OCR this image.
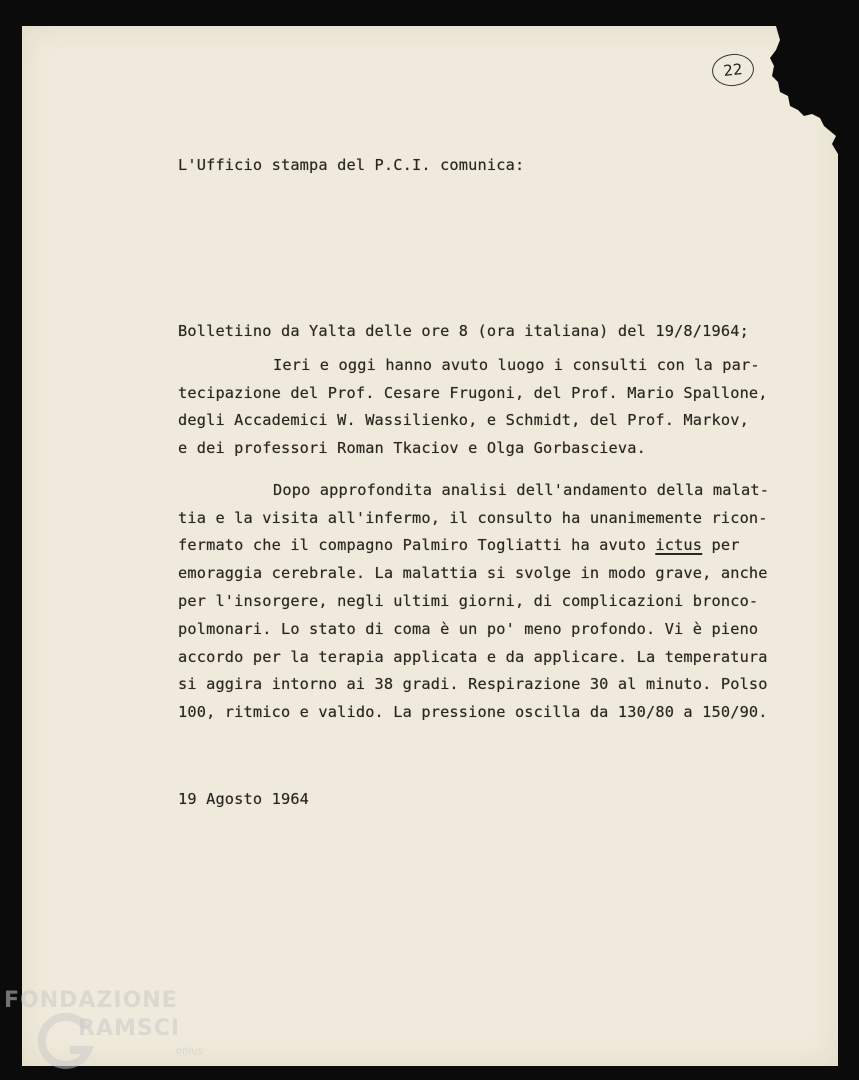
22
L'Ufficio stampa del P.C.I. comunica:
Bolletiino da Yalta delle ore 8 (ora italiana) del 19/8/1964;
Ieri e oggi hanno avuto luogo i consulti con la par-
tecipazione del Prof. Cesare Frugoni, del Prof. Mario Spallone,
degli Accademici W. Wassilienko, e Schmidt, del Prof. Markov,
e dei professori Roman Tkaciov e Olga Gorbascieva.
Dopo approfondita analisi dell'andamento della malat-
tia e la visita all'infermo, il consulto ha unanimemente ricon-
fermato che il compagno Palmiro Togliatti ha avuto ictus per
emoraggia cerebrale. La malattia si svolge in modo grave, anche
per l'insorgere, negli ultimi giorni, di complicazioni bronco-
polmonari. Lo stato di coma è un po' meno profondo. Vi è pieno
accordo per la terapia applicata e da applicare. La temperatura
si aggira intorno ai 38 gradi. Respirazione 30 al minuto. Polso
100, ritmico e valido. La pressione oscilla da 130/80 a 150/90.
19 Agosto 1964
FONDAZIONE
RAMSCI
onlus
